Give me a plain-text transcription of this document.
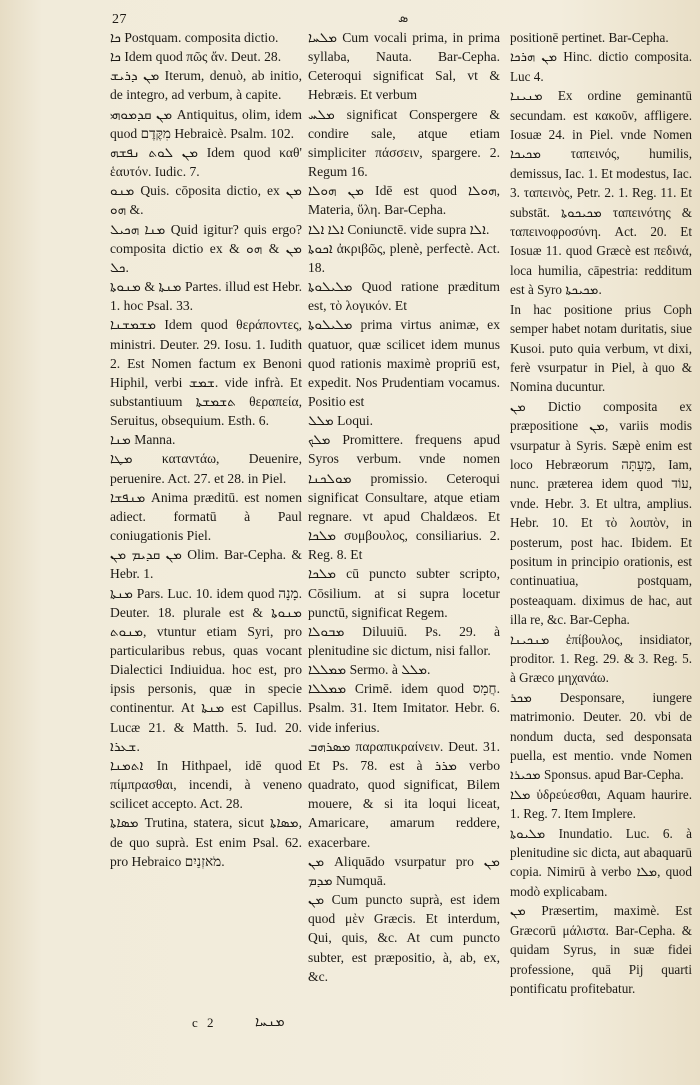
27	ܣ

ܟܐ Postquam. composita dictio.

ܟܐ Idem quod πῶς ἄν. Deut. 28.

ܡܢ ܕܪܝܫ Iterum, denuò, ab initio, de integro, ad verbum, à capite.

ܡܢ ܩܕܡܘܗܝ Antiquitus, olim, idem quod מִקֶּדֶם Hebraicè. Psalm. 102.

ܡܢ ܠܘܬ ܢܦܫܗ Idem quod καθ' ἑαυτόν. Iudic. 7.

ܡܢܘ Quis. cōposita dictio, ex ܡܢ & ܗܘ.

ܡܢܐ ܗܟܝܠ Quid igitur? quis ergo? composita dictio ex ܡܢ & ܗܘ & ܟܠ.

ܡܢܬܐ & ܡܢܘܬܐ Partes. illud est Hebr. 1. hoc Psal. 33.

ܡܫܡܫܢܐ Idem quod θεράποντες, ministri. Deuter. 29. Iosu. 1. Iudith 2. Est Nomen factum ex Benoni Hiphil, verbi ܫܡܫ. vide infrà. Et substantiuum ܬܫܡܫܬܐ θεραπεία, Seruitus, obsequium. Esth. 6.

ܡܢܐ Manna.

ܡܛܐ καταντάω, Deuenire, peruenire. Act. 27. et 28. in Piel.

ܡܢܦܫܐ Anima præditū. est nomen adiect. formatū à Paul coniugationis Piel.

ܡܢ ܩܕܝܡ ܡܢ Olim. Bar-Cepha. & Hebr. 1.

ܡܢܬܐ Pars. Luc. 10. idem quod מָנָה. Deuter. 18. plurale est ܡܢܘܬܐ & ܡܢܘܬ, vtuntur etiam Syri, pro particularibus rebus, quas vocant Dialectici Indiuidua. hoc est, pro ipsis personis, quæ in specie continentur. At ܡܢܬܐ est Capillus. Lucæ 21. & Matth. 5. Iud. 20. ܫܥܪܐ.

ܐܬܡܢܐ In Hithpael, idē quod πίμπρασθαι, incendi, à veneno scilicet accepto. Act. 28.

ܡܣܐܬܐ Trutina, statera, sicut ܡܣܐܬܐ, de quo suprà. Est enim Psal. 62. pro Hebraico מֹאזְנַיִם.

ܡܠܚܐ Cum vocali prima, in prima syllaba, Nauta. Bar-Cepha. Ceteroqui significat Sal, vt & Hebræis. Et verbum

ܡܠܚ significat Conspergere & condire sale, atque etiam simpliciter πάσσειν, spargere. 2. Regum 16.

ܡܢ ܗܘܠܐ Idē est quod ܗܘܠܐ, Materia, ὕλη. Bar-Cepha.

ܐܠܐ ܐܠܐ Coniunctē. vide supra ܐܠܐ.

ܐܟܘܬܐ ἀκριβῶς, plenè, perfectè. Act. 18.

ܡܠܝܠܘܬܐ Quod ratione præditum est, τὸ λογικόν. Et

ܡܠܝܠܘܬܐ prima virtus animæ, ex quatuor, quæ scilicet idem munus quod rationis maximè propriū est, expedit. Nos Prudentiam vocamus. Positio est

ܡܠܠ Loqui.

ܡܠܟ Promittere. frequens apud Syros verbum. vnde nomen ܡܘܠܟܢܐ promissio. Ceteroqui significat Consultare, atque etiam regnare. vt apud Chaldæos. Et ܡܠܟܐ συμβουλος, consiliarius. 2. Reg. 8. Et

ܡܠܟܐ cū puncto subter scripto, Cōsilium. at si supra locetur punctū, significat Regem.

ܡܒܘܠܐ Diluuiū. Ps. 29. à plenitudine sic dictum, nisi fallor.

ܡܡܠܠܐ Sermo. à ܡܠܠ.

ܡܡܠܠܐ Crimē. idem quod חֲמָס. Psalm. 31. Item Imitator. Hebr. 6. vide inferius.

ܡܣܪܗܒ παραπικραίνειν. Deut. 31. Et Ps. 78. est à ܡܪܪ verbo quadrato, quod significat, Bilem mouere, & si ita loqui liceat, Amaricare, amarum reddere, exacerbare.

ܡܢ Aliquādo vsurpatur pro ܡܢ ܡܕܡ Numquā.

ܡܢ Cum puncto suprà, est idem quod μὲν Græcis. Et interdum, Qui, quis, &c. At cum puncto subter, est præpositio, à, ab, ex, &c.

positionē pertinet. Bar-Cepha.

ܡܢ ܗܪܟܐ Hinc. dictio composita. Luc 4.

ܡܢܝܢܐ Ex ordine geminantū secundam. est κακοῦν, affligere. Iosuæ 24. in Piel. vnde Nomen ܡܟܝܟܐ ταπεινός, humilis, demissus, Iac. 1. Et modestus, Iac. 3. ταπεινὸς, Petr. 2. 1. Reg. 11. Et substāt. ܡܟܝܟܘܬܐ ταπεινότης & ταπεινοφροσύνη. Act. 20. Et Iosuæ 11. quod Græcè est πεδινά, loca humilia, cāpestria: redditum est à Syro ܡܟܝܟܬܐ.

In hac positione prius Coph semper habet notam duritatis, siue Kusoi. puto quia verbum, vt dixi, ferè vsurpatur in Piel, à quo & Nomina ducuntur.

ܡܢ Dictio composita ex præpositione ܡܢ, variis modis vsurpatur à Syris. Sæpè enim est loco Hebræorum מֵעָתָּה, Iam, nunc. præterea idem quod עוֹד, vnde. Hebr. 3. Et ultra, amplius. Hebr. 10. Et τὸ λοιπὸν, in posterum, post hac. Ibidem. Et positum in principio orationis, est continuatiua, postquam, posteaquam. diximus de hac, aut illa re, &c. Bar-Cepha.

ܡܢܟܝܢܐ ἐπίβουλος, insidiator, proditor. 1. Reg. 29. & 3. Reg. 5. à Græco μηχανάω.

ܡܟܪ Desponsare, iungere matrimonio. Deuter. 20. vbi de nondum ducta, sed desponsata puella, est mentio. vnde Nomen ܡܟܝܪܐ Sponsus. apud Bar-Cepha.

ܡܠܐ ὑδρεύεσθαι, Aquam haurire. 1. Reg. 7. Item Implere.

ܡܠܝܘܬܐ Inundatio. Luc. 6. à plenitudine sic dicta, aut abaquarū copia. Nimirū à verbo ܡܠܐ, quod modò explicabam.

ܡܢ Præsertim, maximè. Est Græcorū μάλιστα. Bar-Cepha. & quidam Syrus, in suæ fidei professione, quā Pij quarti pontificatu profitebatur.

c 2	ܡܢܚܐ
